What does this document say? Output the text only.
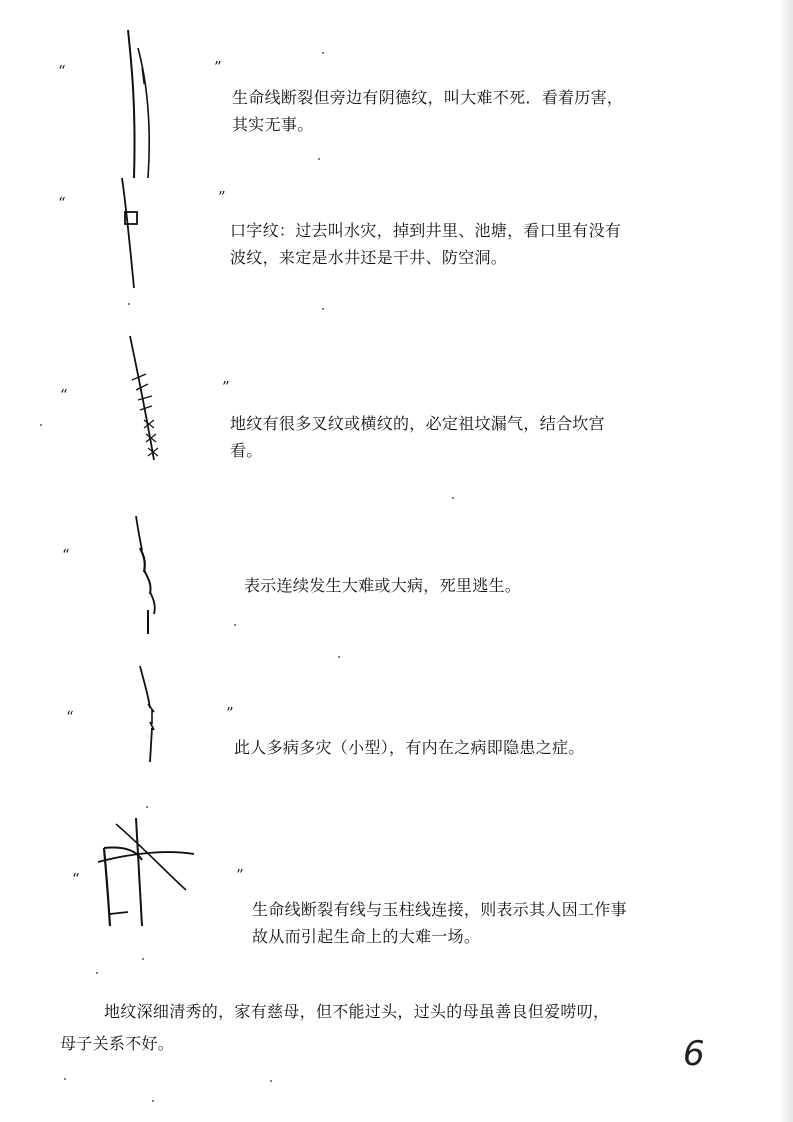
“	”
生命线断裂但旁边有阴德纹，叫大难不死．看着历害，
其实无事。
“	”
口字纹：过去叫水灾，掉到井里、池塘，看口里有没有
波纹，来定是水井还是干井、防空洞。
“	”
地纹有很多叉纹或横纹的，必定祖坟漏气，结合坎宫
看。
“
表示连续发生大难或大病，死里逃生。
“	”
此人多病多灾（小型），有内在之病即隐患之症。
“	”
生命线断裂有线与玉柱线连接，则表示其人因工作事
故从而引起生命上的大难一场。
地纹深细清秀的，家有慈母，但不能过头，过头的母虽善良但爱唠叨，
母子关系不好。	6
